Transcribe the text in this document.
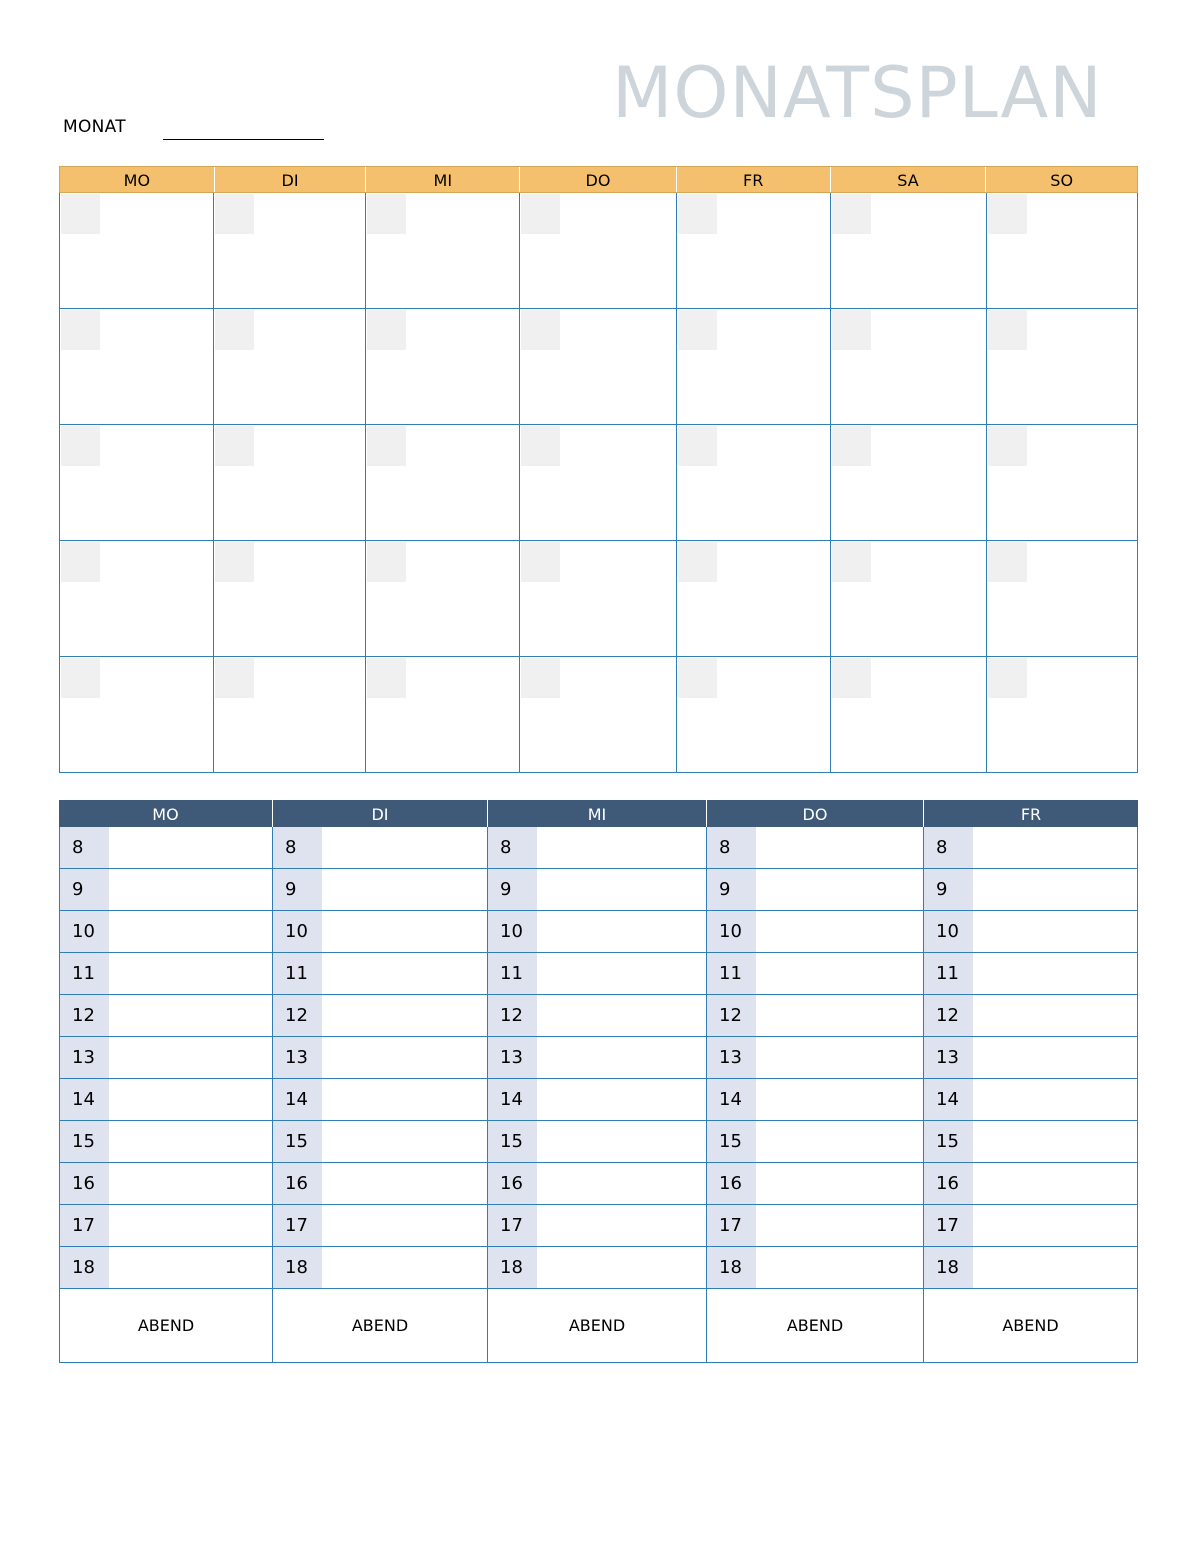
MONATSPLAN
MONAT
MO	DI	MI	DO	FR	SA	SO
MO	DI	MI	DO	FR
8	8	8	8	8
9	9	9	9	9
10	10	10	10	10
11	11	11	11	11
12	12	12	12	12
13	13	13	13	13
14	14	14	14	14
15	15	15	15	15
16	16	16	16	16
17	17	17	17	17
18	18	18	18	18
ABEND	ABEND	ABEND	ABEND	ABEND
